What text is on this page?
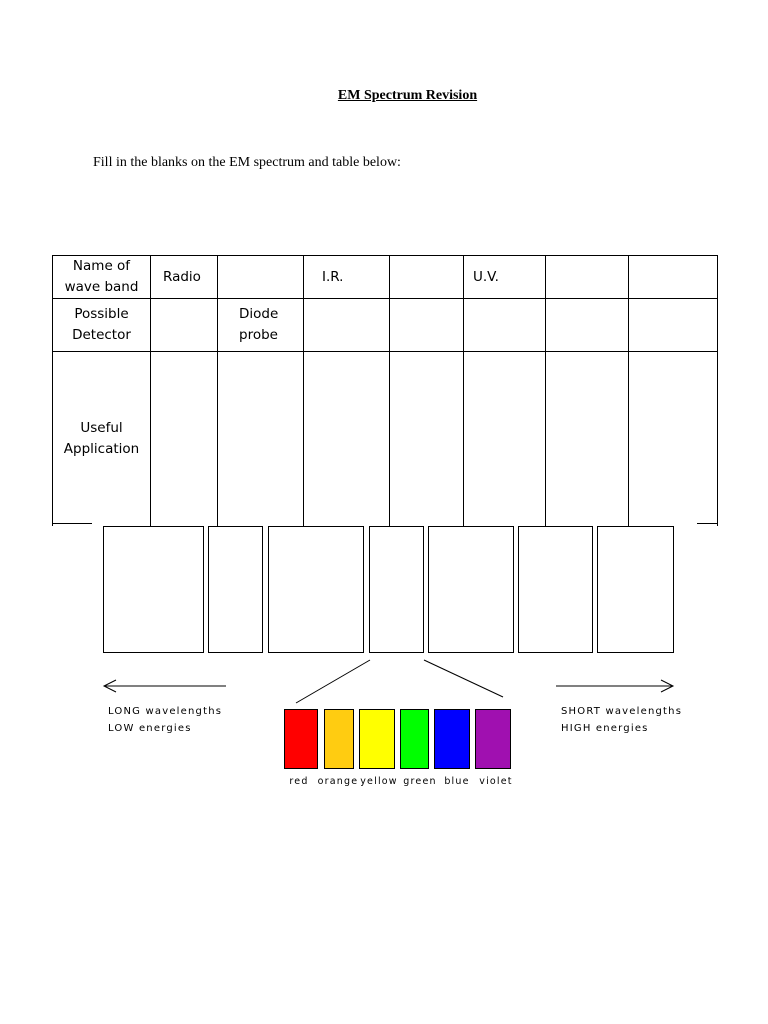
EM Spectrum Revision
Fill in the blanks on the EM spectrum and table below:
Name of
wave band	Radio		I.R.		U.V.		
Possible
Detector		Diode probe					
Useful
Application							
LONG wavelengths
LOW energies
SHORT wavelengths
HIGH energies
red orange yellow green blue	violet
